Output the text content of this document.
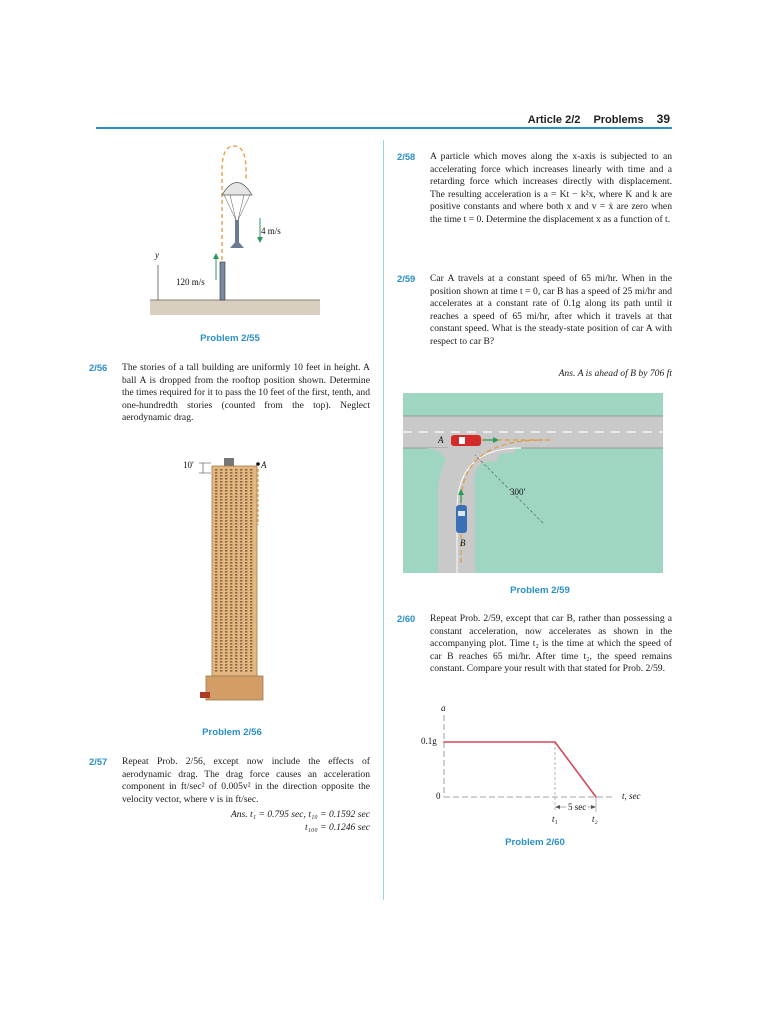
Article 2/2 Problems 39
y
120 m/s
4 m/s
Problem 2/55
2/56 The stories of a tall building are uniformly 10 feet in height. A ball A is dropped from the rooftop position shown. Determine the times required for it to pass the 10 feet of the first, tenth, and one-hundredth stories (counted from the top). Neglect aerodynamic drag.
10′	A
Problem 2/56
2/57 Repeat Prob. 2/56, except now include the effects of aerodynamic drag. The drag force causes an acceleration component in ft/sec² of 0.005v² in the direction opposite the velocity vector, where v is in ft/sec.
Ans. t₁ = 0.795 sec, t₁₀ = 0.1592 sec
t₁₀₀ = 0.1246 sec
2/58 A particle which moves along the x-axis is subjected to an accelerating force which increases linearly with time and a retarding force which increases directly with displacement. The resulting acceleration is a = Kt − k²x, where K and k are positive constants and where both x and v = ẋ are zero when the time t = 0. Determine the displacement x as a function of t.
2/59 Car A travels at a constant speed of 65 mi/hr. When in the position shown at time t = 0, car B has a speed of 25 mi/hr and accelerates at a constant rate of 0.1g along its path until it reaches a speed of 65 mi/hr, after which it travels at that constant speed. What is the steady-state position of car A with respect to car B?
Ans. A is ahead of B by 706 ft
A
B
300′
Problem 2/59
2/60 Repeat Prob. 2/59, except that car B, rather than possessing a constant acceleration, now accelerates as shown in the accompanying plot. Time t₂ is the time at which the speed of car B reaches 65 mi/hr. After time t₂, the speed remains constant. Compare your result with that stated for Prob. 2/59.
a
0.1g
0	t, sec
5 sec
t₁	t₂
Problem 2/60
